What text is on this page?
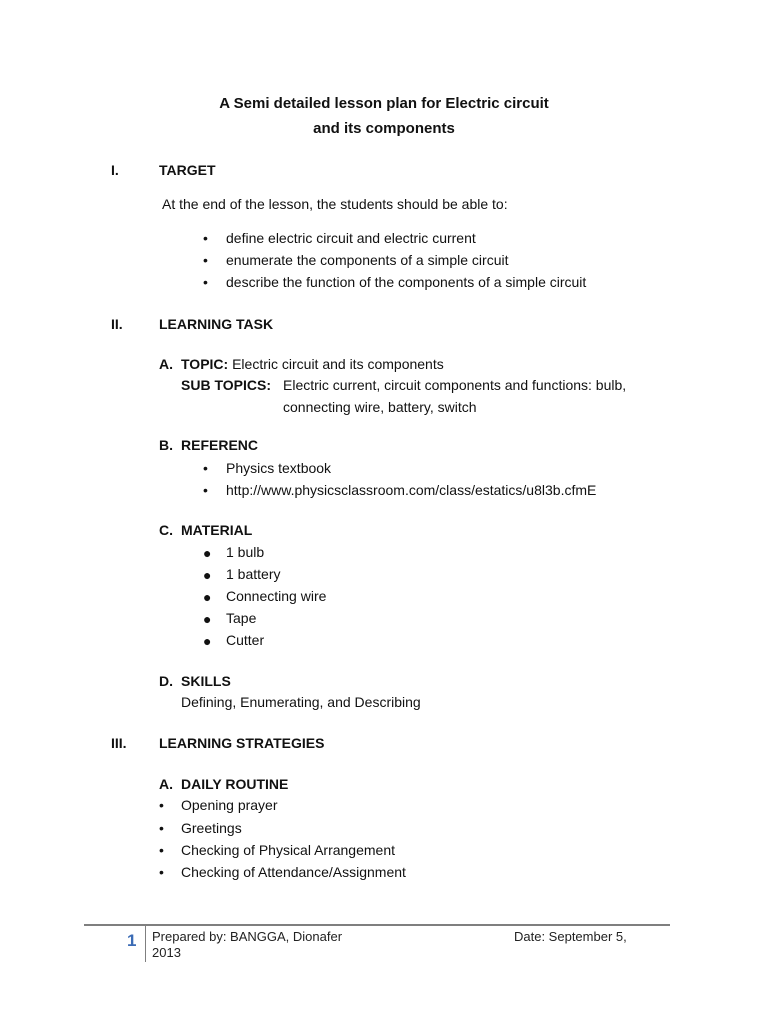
A Semi detailed lesson plan for Electric circuit
and its components
I.	TARGET
At the end of the lesson, the students should be able to:
• define electric circuit and electric current
• enumerate the components of a simple circuit
• describe the function of the components of a simple circuit
II.	LEARNING TASK
A. TOPIC: Electric circuit and its components
SUB TOPICS: Electric current, circuit components and functions: bulb,
connecting wire, battery, switch
B. REFERENC
• Physics textbook
• http://www.physicsclassroom.com/class/estatics/u8l3b.cfmE
C. MATERIAL
● 1 bulb
● 1 battery
● Connecting wire
● Tape
● Cutter
D. SKILLS
Defining, Enumerating, and Describing
III. LEARNING STRATEGIES
A. DAILY ROUTINE
• Opening prayer
• Greetings
• Checking of Physical Arrangement
• Checking of Attendance/Assignment
1 Prepared by: BANGGA, Dionafer	Date: September 5,
2013
